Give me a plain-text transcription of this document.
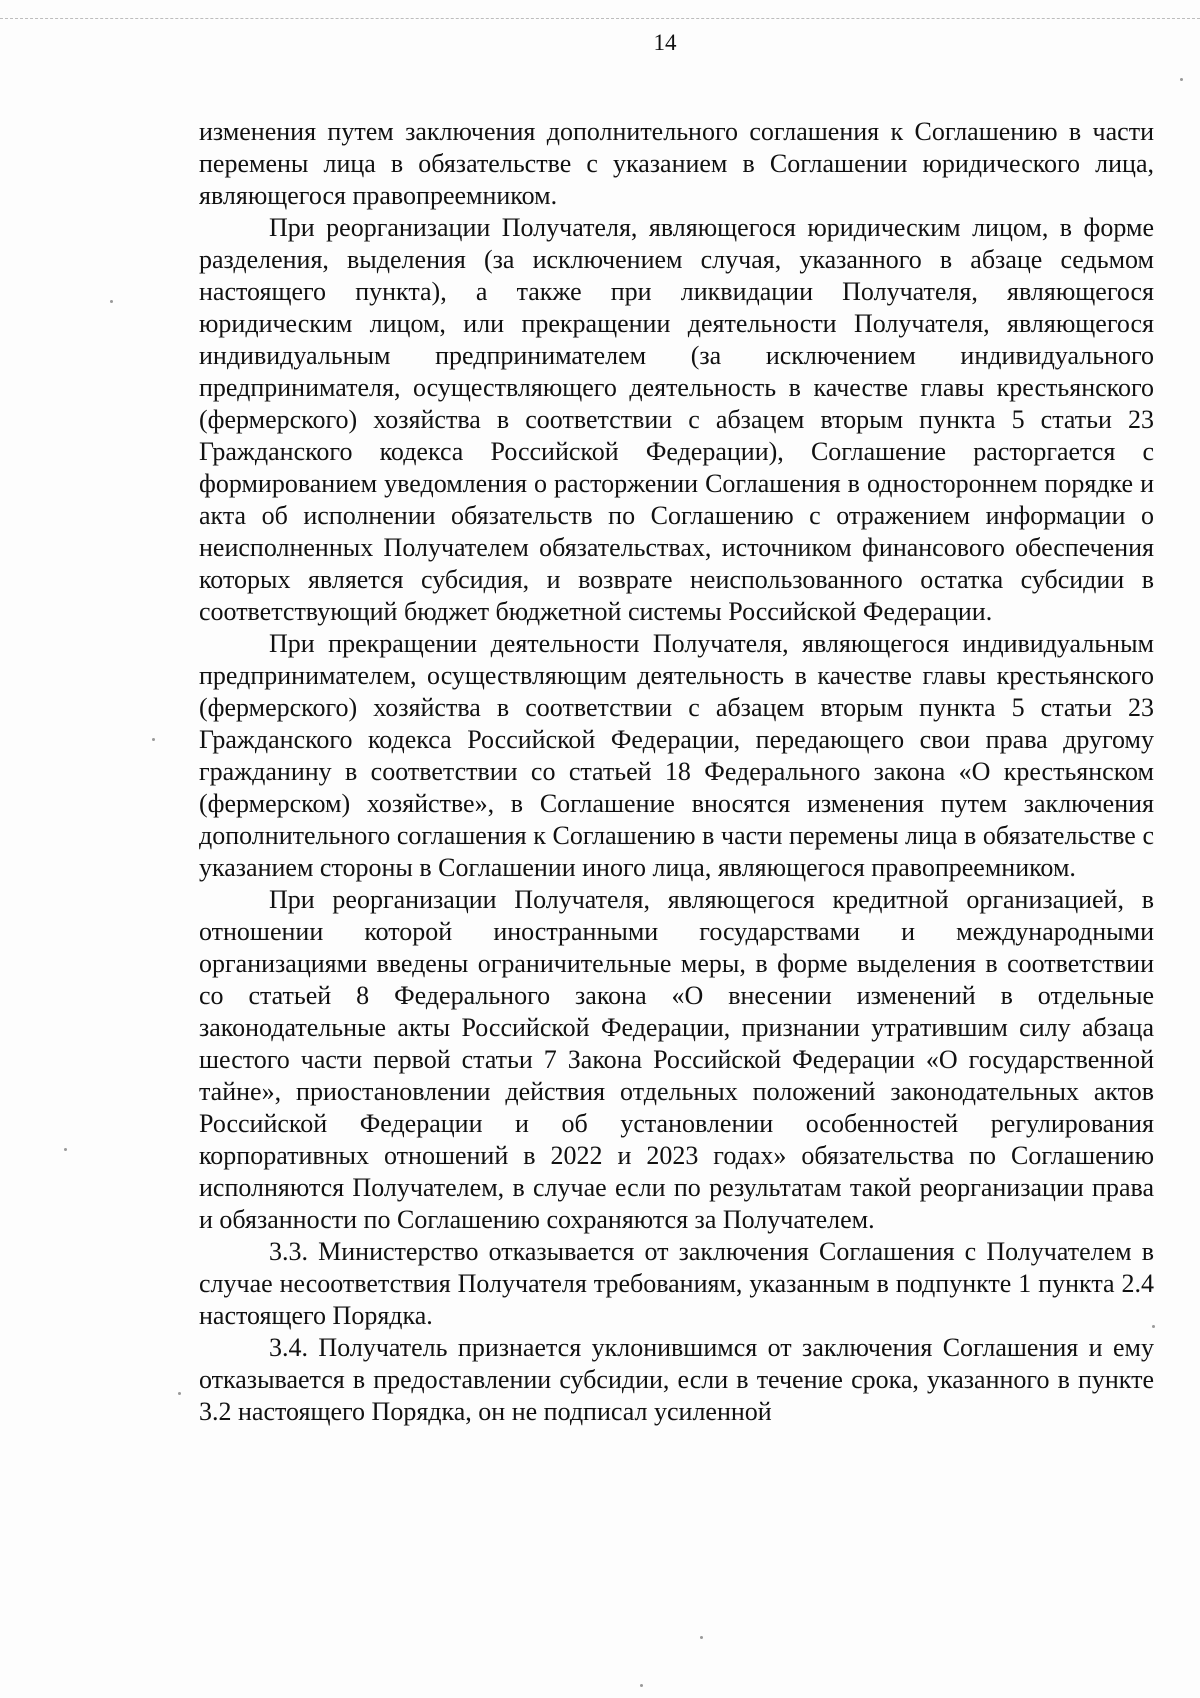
14

изменения путем заключения дополнительного соглашения к Соглашению в части перемены лица в обязательстве с указанием в Соглашении юридического лица, являющегося правопреемником.

При реорганизации Получателя, являющегося юридическим лицом, в форме разделения, выделения (за исключением случая, указанного в абзаце седьмом настоящего пункта), а также при ликвидации Получателя, являющегося юридическим лицом, или прекращении деятельности Получателя, являющегося индивидуальным предпринимателем (за исключением индивидуального предпринимателя, осуществляющего деятельность в качестве главы крестьянского (фермерского) хозяйства в соответствии с абзацем вторым пункта 5 статьи 23 Гражданского кодекса Российской Федерации), Соглашение расторгается с формированием уведомления о расторжении Соглашения в одностороннем порядке и акта об исполнении обязательств по Соглашению с отражением информации о неисполненных Получателем обязательствах, источником финансового обеспечения которых является субсидия, и возврате неиспользованного остатка субсидии в соответствующий бюджет бюджетной системы Российской Федерации.

При прекращении деятельности Получателя, являющегося индивидуальным предпринимателем, осуществляющим деятельность в качестве главы крестьянского (фермерского) хозяйства в соответствии с абзацем вторым пункта 5 статьи 23 Гражданского кодекса Российской Федерации, передающего свои права другому гражданину в соответствии со статьей 18 Федерального закона «О крестьянском (фермерском) хозяйстве», в Соглашение вносятся изменения путем заключения дополнительного соглашения к Соглашению в части перемены лица в обязательстве с указанием стороны в Соглашении иного лица, являющегося правопреемником.

При реорганизации Получателя, являющегося кредитной организацией, в отношении которой иностранными государствами и международными организациями введены ограничительные меры, в форме выделения в соответствии со статьей 8 Федерального закона «О внесении изменений в отдельные законодательные акты Российской Федерации, признании утратившим силу абзаца шестого части первой статьи 7 Закона Российской Федерации «О государственной тайне», приостановлении действия отдельных положений законодательных актов Российской Федерации и об установлении особенностей регулирования корпоративных отношений в 2022 и 2023 годах» обязательства по Соглашению исполняются Получателем, в случае если по результатам такой реорганизации права и обязанности по Соглашению сохраняются за Получателем.

3.3. Министерство отказывается от заключения Соглашения с Получателем в случае несоответствия Получателя требованиям, указанным в подпункте 1 пункта 2.4 настоящего Порядка.

3.4. Получатель признается уклонившимся от заключения Соглашения и ему отказывается в предоставлении субсидии, если в течение срока, указанного в пункте 3.2 настоящего Порядка, он не подписал усиленной
